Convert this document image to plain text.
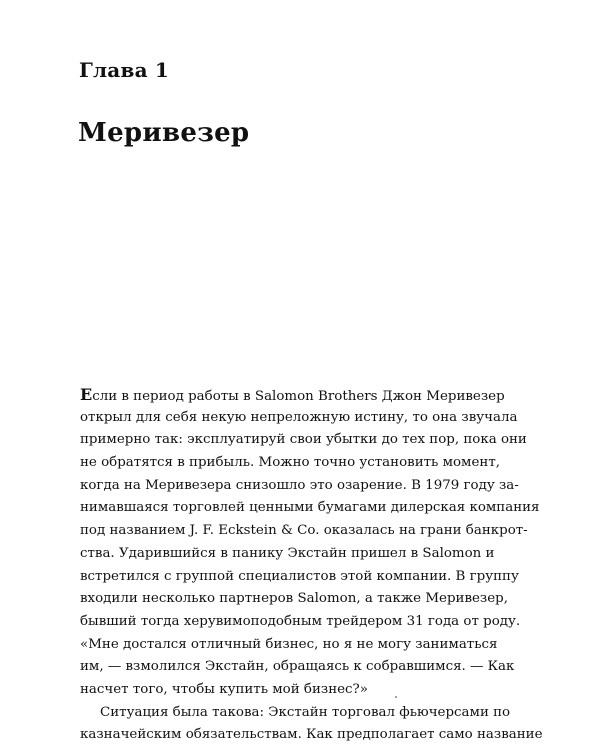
Глава 1
Меривезер
Если в период работы в Salomon Brothers Джон Меривезер
открыл для себя некую непреложную истину, то она звучала
примерно так: эксплуатируй свои убытки до тех пор, пока они
не обратятся в прибыль. Можно точно установить момент,
когда на Меривезера снизошло это озарение. В 1979 году за-
нимавшаяся торговлей ценными бумагами дилерская компания
под названием J. F. Eckstein & Co. оказалась на грани банкрот-
ства. Ударившийся в панику Экстайн пришел в Salomon и
встретился с группой специалистов этой компании. В группу
входили несколько партнеров Salomon, а также Меривезер,
бывший тогда херувимоподобным трейдером 31 года от роду.
«Мне достался отличный бизнес, но я не могу заниматься
им, — взмолился Экстайн, обращаясь к собравшимся. — Как
насчет того, чтобы купить мой бизнес?»
Ситуация была такова: Экстайн торговал фьючерсами по
казначейским обязательствам. Как предполагает само название
